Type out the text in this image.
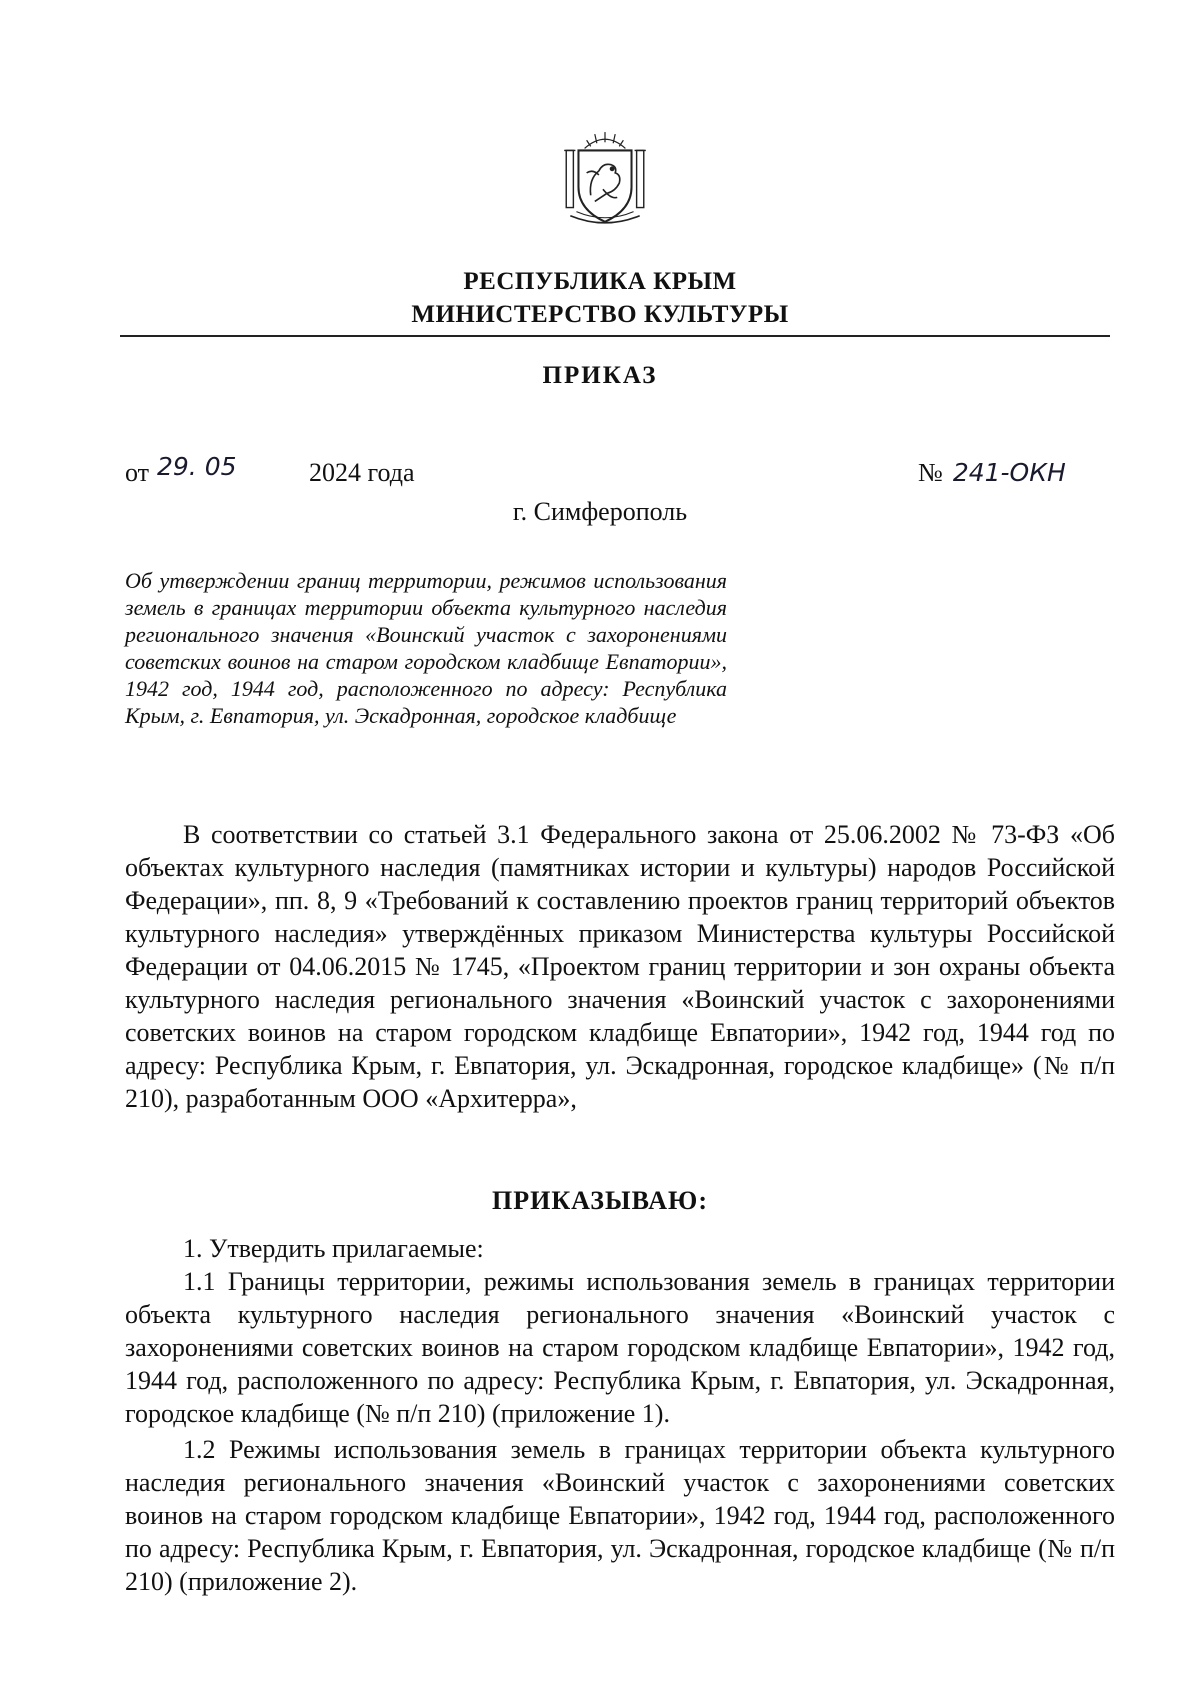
РЕСПУБЛИКА КРЫМ
МИНИСТЕРСТВО КУЛЬТУРЫ
ПРИКАЗ
от 29. 05	2024 года	№ 241-ОКН
г. Симферополь
Об утверждении границ территории, режимов использования земель в границах территории объекта культурного наследия регионального значения «Воинский участок с захоронениями советских воинов на старом городском кладбище Евпатории», 1942 год, 1944 год, расположенного по адресу: Республика Крым, г. Евпатория, ул. Эскадронная, городское кладбище
В соответствии со статьей 3.1 Федерального закона от 25.06.2002 № 73-ФЗ «Об объектах культурного наследия (памятниках истории и культуры) народов Российской Федерации», пп. 8, 9 «Требований к составлению проектов границ территорий объектов культурного наследия» утверждённых приказом Министерства культуры Российской Федерации от 04.06.2015 № 1745, «Проектом границ территории и зон охраны объекта культурного наследия регионального значения «Воинский участок с захоронениями советских воинов на старом городском кладбище Евпатории», 1942 год, 1944 год по адресу: Республика Крым, г. Евпатория, ул. Эскадронная, городское кладбище» (№ п/п 210), разработанным ООО «Архитерра»,
ПРИКАЗЫВАЮ:
1. Утвердить прилагаемые:
1.1 Границы территории, режимы использования земель в границах территории объекта культурного наследия регионального значения «Воинский участок с захоронениями советских воинов на старом городском кладбище Евпатории», 1942 год, 1944 год, расположенного по адресу: Республика Крым, г. Евпатория, ул. Эскадронная, городское кладбище (№ п/п 210) (приложение 1).
1.2 Режимы использования земель в границах территории объекта культурного наследия регионального значения «Воинский участок с захоронениями советских воинов на старом городском кладбище Евпатории», 1942 год, 1944 год, расположенного по адресу: Республика Крым, г. Евпатория, ул. Эскадронная, городское кладбище (№ п/п 210) (приложение 2).
